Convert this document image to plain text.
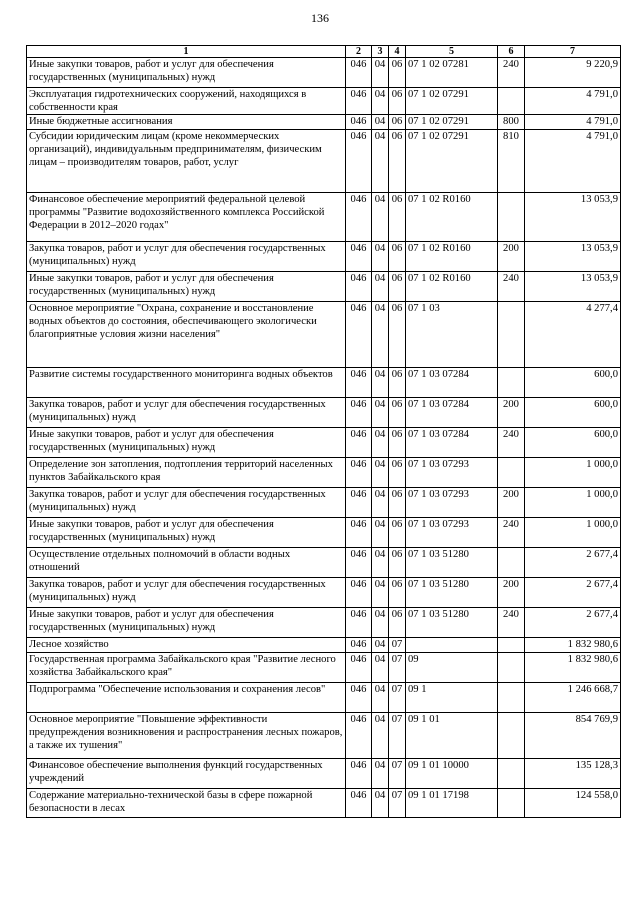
136
1	2	3	4	5	6	7
Иные закупки товаров, работ и услуг для обеспечения государственных (муниципальных) нужд	046	04	06	07 1 02 07281	240	9 220,9
Эксплуатация гидротехнических сооружений, находящихся в собственности края	046	04	06	07 1 02 07291		4 791,0
Иные бюджетные ассигнования	046	04	06	07 1 02 07291	800	4 791,0
Субсидии юридическим лицам (кроме некоммерческих организаций), индивидуальным предпринимателям, физическим лицам – производителям товаров, работ, услуг	046	04	06	07 1 02 07291	810	4 791,0
Финансовое обеспечение мероприятий федеральной целевой программы "Развитие водохозяйственного комплекса Российской Федерации в 2012–2020 годах"	046	04	06	07 1 02 R0160		13 053,9
Закупка товаров, работ и услуг для обеспечения государственных (муниципальных) нужд	046	04	06	07 1 02 R0160	200	13 053,9
Иные закупки товаров, работ и услуг для обеспечения государственных (муниципальных) нужд	046	04	06	07 1 02 R0160	240	13 053,9
Основное мероприятие "Охрана, сохранение и восстановление водных объектов до состояния, обеспечивающего экологически благоприятные условия жизни населения"	046	04	06	07 1 03		4 277,4
Развитие системы государственного мониторинга водных объектов	046	04	06	07 1 03 07284		600,0
Закупка товаров, работ и услуг для обеспечения государственных (муниципальных) нужд	046	04	06	07 1 03 07284	200	600,0
Иные закупки товаров, работ и услуг для обеспечения государственных (муниципальных) нужд	046	04	06	07 1 03 07284	240	600,0
Определение зон затопления, подтопления территорий населенных пунктов Забайкальского края	046	04	06	07 1 03 07293		1 000,0
Закупка товаров, работ и услуг для обеспечения государственных (муниципальных) нужд	046	04	06	07 1 03 07293	200	1 000,0
Иные закупки товаров, работ и услуг для обеспечения государственных (муниципальных) нужд	046	04	06	07 1 03 07293	240	1 000,0
Осуществление отдельных полномочий в области водных отношений	046	04	06	07 1 03 51280		2 677,4
Закупка товаров, работ и услуг для обеспечения государственных (муниципальных) нужд	046	04	06	07 1 03 51280	200	2 677,4
Иные закупки товаров, работ и услуг для обеспечения государственных (муниципальных) нужд	046	04	06	07 1 03 51280	240	2 677,4
Лесное хозяйство	046	04	07			1 832 980,6
Государственная программа Забайкальского края "Развитие лесного хозяйства Забайкальского края"	046	04	07	09		1 832 980,6
Подпрограмма "Обеспечение использования и сохранения лесов"	046	04	07	09 1		1 246 668,7
Основное мероприятие "Повышение эффективности предупреждения возникновения и распространения лесных пожаров, а также их тушения"	046	04	07	09 1 01		854 769,9
Финансовое обеспечение выполнения функций государственных учреждений	046	04	07	09 1 01 10000		135 128,3
Содержание материально-технической базы в сфере пожарной безопасности в лесах	046	04	07	09 1 01 17198		124 558,0
